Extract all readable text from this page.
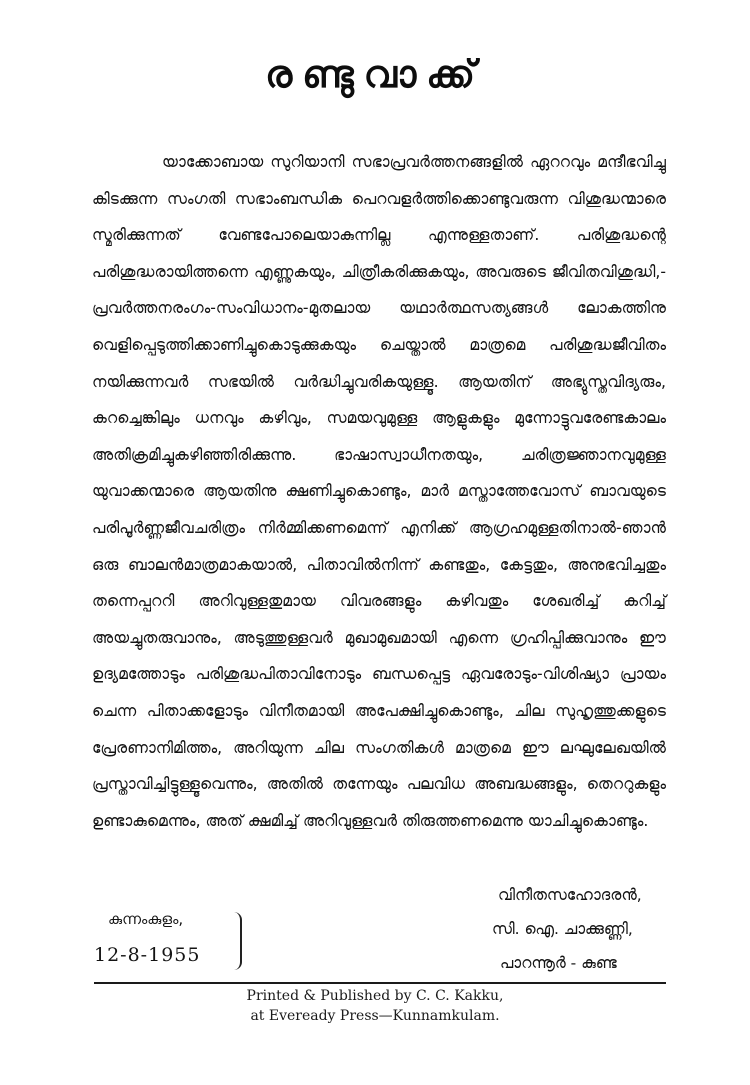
രണ്ടുവാക്ക്

യാക്കോബായ സുറിയാനി സഭാപ്രവർത്തനങ്ങളിൽ ഏററവും മന്ദീഭവിച്ചു കിടക്കുന്ന സംഗതി സഭാംബന്ധിക പെറവളർത്തിക്കൊണ്ടുവരുന്ന വിശുദ്ധന്മാരെ സ്മരിക്കുന്നത് വേണ്ടപോലെയാകുന്നില്ല എന്നുള്ളതാണ്. പരിശുദ്ധന്റെ പരിശുദ്ധരായിത്തന്നെ എണ്ണുകയും, ചിത്രീകരിക്കുകയും, അവരുടെ ജീവിതവിശുദ്ധി,-പ്രവർത്തനരംഗം-സംവിധാനം-മുതലായ യഥാർത്ഥസത്യങ്ങൾ ലോകത്തിനു വെളിപ്പെടുത്തിക്കാണിച്ചുകൊടുക്കുകയും ചെയ്താൽ മാത്രമെ പരിശുദ്ധജീവിതം നയിക്കുന്നവർ സഭയിൽ വർദ്ധിച്ചുവരികയുള്ളൂ. ആയതിന് അഭ്യുസ്തവിദ്യരും, കറച്ചെങ്കിലും ധനവും കഴിവും, സമയവുമുള്ള ആളുകളും മുന്നോട്ടുവരേണ്ടകാലം അതിക്രമിച്ചുകഴിഞ്ഞിരിക്കുന്നു. ഭാഷാസ്വാധീനതയും, ചരിത്രജ്ഞാനവുമുള്ള യുവാക്കന്മാരെ ആയതിനു ക്ഷണിച്ചുകൊണ്ടും, മാർ മസ്താത്തേവോസ് ബാവയുടെ പരിപൂർണ്ണജീവചരിത്രം നിർമ്മിക്കണമെന്ന് എനിക്ക് ആഗ്രഹമുള്ളതിനാൽ-ഞാൻ ഒരു ബാലൻമാത്രമാകയാൽ, പിതാവിൽനിന്ന് കണ്ടതും, കേട്ടതും, അനുഭവിച്ചതും തന്നെപ്പററി അറിവുള്ളതുമായ വിവരങ്ങളും കഴിവതും ശേഖരിച്ച് കറിച്ച് അയച്ചുതരുവാനും, അടുത്തുള്ളവർ മുഖാമുഖമായി എന്നെ ഗ്രഹിപ്പിക്കുവാനും ഈ ഉദ്യമത്തോടും പരിശുദ്ധപിതാവിനോടും ബന്ധപ്പെട്ട ഏവരോടും-വിശിഷ്യാ പ്രായം ചെന്ന പിതാക്കളോടും വിനീതമായി അപേക്ഷിച്ചുകൊണ്ടും, ചില സുഹൃത്തുക്കളുടെ പ്രേരണാനിമിത്തം, അറിയുന്ന ചില സംഗതികൾ മാത്രമെ ഈ ലഘുലേഖയിൽ പ്രസ്താവിച്ചിട്ടുള്ളൂവെന്നും, അതിൽ തന്നേയും പലവിധ അബദ്ധങ്ങളും, തെററുകളും ഉണ്ടാകുമെന്നും, അത് ക്ഷമിച്ച് അറിവുള്ളവർ തിരുത്തണമെന്നു യാചിച്ചുകൊണ്ടും.

വിനീതസഹോദരൻ,
സി. ഐ. ചാക്കുണ്ണി,
പാറന്നൂർ - കുണ്ട
കുന്നംകുളം,
12-8-1955
Printed & Published by C. C. Kakku,
at Eveready Press—Kunnamkulam.
